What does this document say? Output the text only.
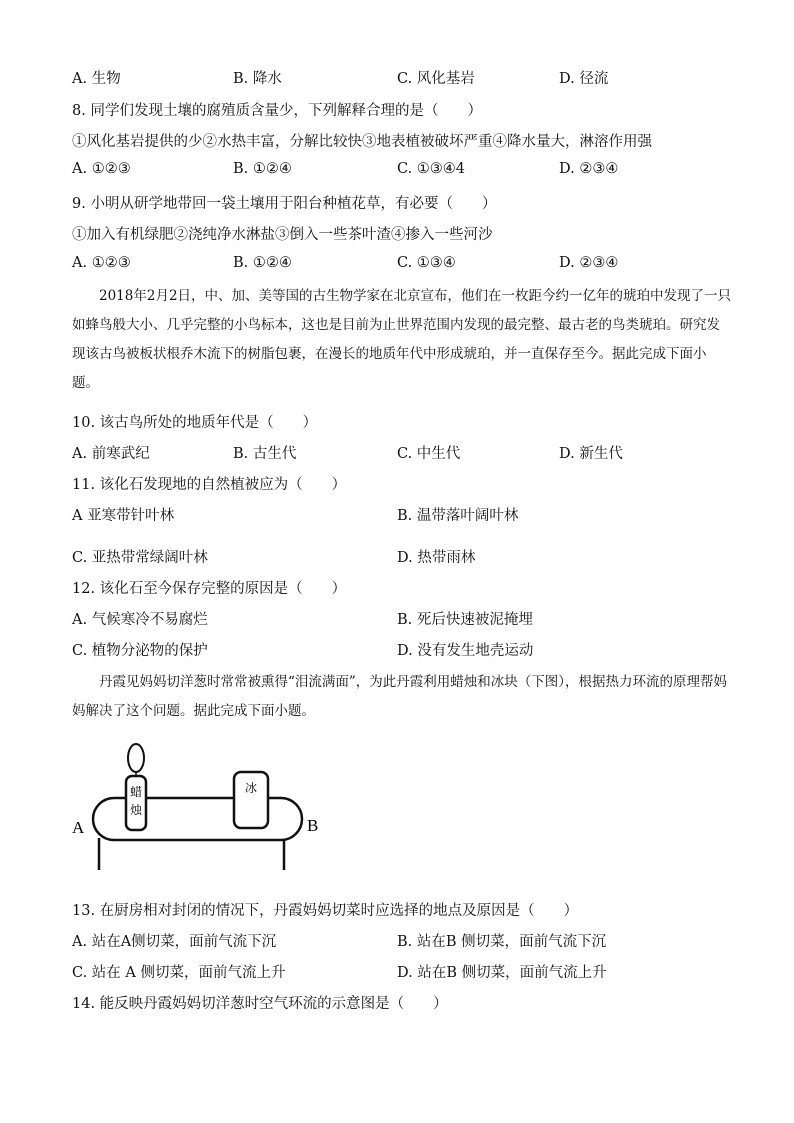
A. 生物	B. 降水	C. 风化基岩	D. 径流
8. 同学们发现土壤的腐殖质含量少，下列解释合理的是（　　）
①风化基岩提供的少②水热丰富，分解比较快③地表植被破坏严重④降水量大，淋溶作用强
A. ①②③	B. ①②④	C. ①③④4	D. ②③④
9. 小明从研学地带回一袋土壤用于阳台种植花草，有必要（　　）
①加入有机绿肥②浇纯净水淋盐③倒入一些茶叶渣④掺入一些河沙
A. ①②③	B. ①②④	C. ①③④	D. ②③④

2018年2月2日，中、加、美等国的古生物学家在北京宣布，他们在一枚距今约一亿年的琥珀中发现了一只如蜂鸟般大小、几乎完整的小鸟标本，这也是目前为止世界范围内发现的最完整、最古老的鸟类琥珀。研究发现该古鸟被板状根乔木流下的树脂包裹，在漫长的地质年代中形成琥珀，并一直保存至今。据此完成下面小题。

10. 该古鸟所处的地质年代是（　　）
A. 前寒武纪	B. 古生代	C. 中生代	D. 新生代
11. 该化石发现地的自然植被应为（　　）
A 亚寒带针叶林	B. 温带落叶阔叶林
C. 亚热带常绿阔叶林	D. 热带雨林
12. 该化石至今保存完整的原因是（　　）
A. 气候寒冷不易腐烂	B. 死后快速被泥掩埋
C. 植物分泌物的保护	D. 没有发生地壳运动

丹霞见妈妈切洋葱时常常被熏得“泪流满面”，为此丹霞利用蜡烛和冰块（下图），根据热力环流的原理帮妈妈解决了这个问题。据此完成下面小题。

蜡
烛
冰
A	B
13. 在厨房相对封闭的情况下，丹霞妈妈切菜时应选择的地点及原因是（　　）
A. 站在A侧切菜，面前气流下沉	B. 站在B 侧切菜，面前气流下沉
C. 站在 A 侧切菜，面前气流上升	D. 站在B 侧切菜，面前气流上升
14. 能反映丹霞妈妈切洋葱时空气环流的示意图是（　　）
